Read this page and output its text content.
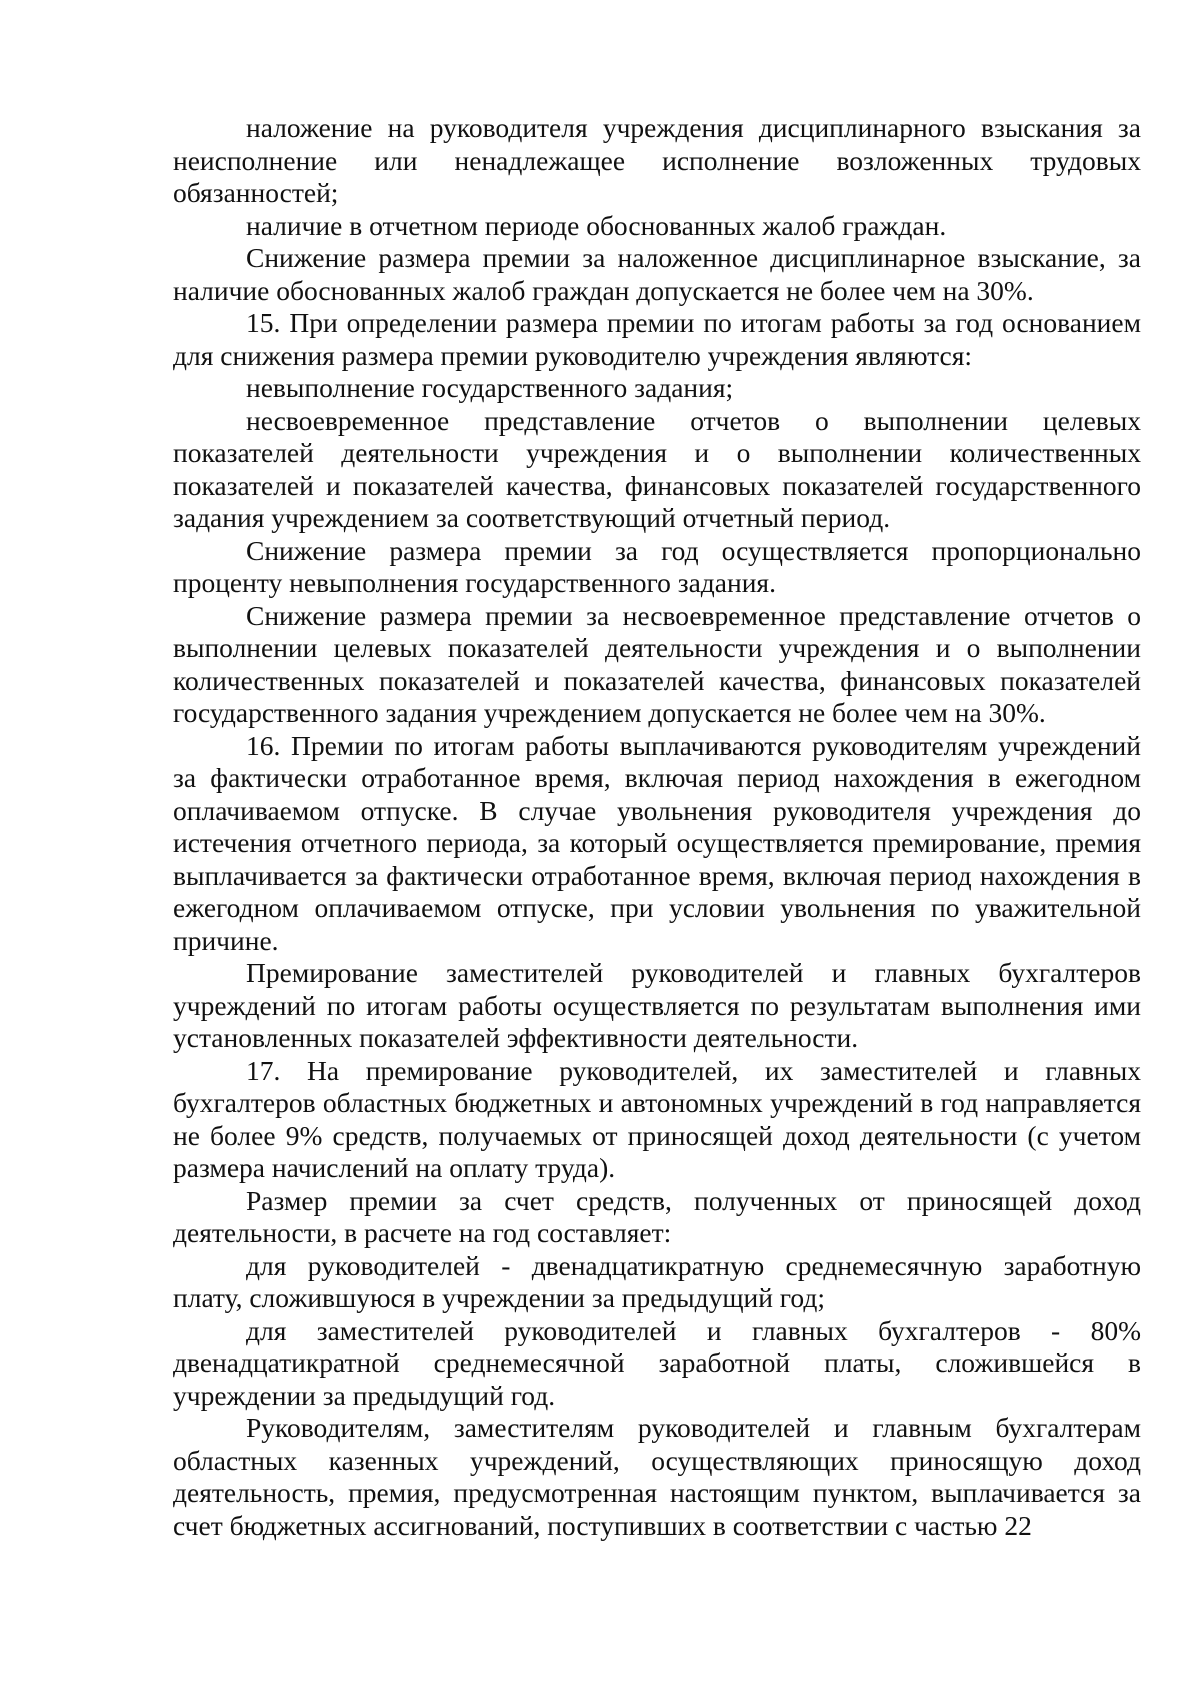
наложение на руководителя учреждения дисциплинарного взыскания за неисполнение или ненадлежащее исполнение возложенных трудовых обязанностей;

наличие в отчетном периоде обоснованных жалоб граждан.

Снижение размера премии за наложенное дисциплинарное взыскание, за наличие обоснованных жалоб граждан допускается не более чем на 30%.

15. При определении размера премии по итогам работы за год основанием для снижения размера премии руководителю учреждения являются:

невыполнение государственного задания;

несвоевременное представление отчетов о выполнении целевых показателей деятельности учреждения и о выполнении количественных показателей и показателей качества, финансовых показателей государственного задания учреждением за соответствующий отчетный период.

Снижение размера премии за год осуществляется пропорционально проценту невыполнения государственного задания.

Снижение размера премии за несвоевременное представление отчетов о выполнении целевых показателей деятельности учреждения и о выполнении количественных показателей и показателей качества, финансовых показателей государственного задания учреждением допускается не более чем на 30%.

16. Премии по итогам работы выплачиваются руководителям учреждений за фактически отработанное время, включая период нахождения в ежегодном оплачиваемом отпуске. В случае увольнения руководителя учреждения до истечения отчетного периода, за который осуществляется премирование, премия выплачивается за фактически отработанное время, включая период нахождения в ежегодном оплачиваемом отпуске, при условии увольнения по уважительной причине.

Премирование заместителей руководителей и главных бухгалтеров учреждений по итогам работы осуществляется по результатам выполнения ими установленных показателей эффективности деятельности.

17. На премирование руководителей, их заместителей и главных бухгалтеров областных бюджетных и автономных учреждений в год направляется не более 9% средств, получаемых от приносящей доход деятельности (с учетом размера начислений на оплату труда).

Размер премии за счет средств, полученных от приносящей доход деятельности, в расчете на год составляет:

для руководителей - двенадцатикратную среднемесячную заработную плату, сложившуюся в учреждении за предыдущий год;

для заместителей руководителей и главных бухгалтеров - 80% двенадцатикратной среднемесячной заработной платы, сложившейся в учреждении за предыдущий год.

Руководителям, заместителям руководителей и главным бухгалтерам областных казенных учреждений, осуществляющих приносящую доход деятельность, премия, предусмотренная настоящим пунктом, выплачивается за счет бюджетных ассигнований, поступивших в соответствии с частью 22
